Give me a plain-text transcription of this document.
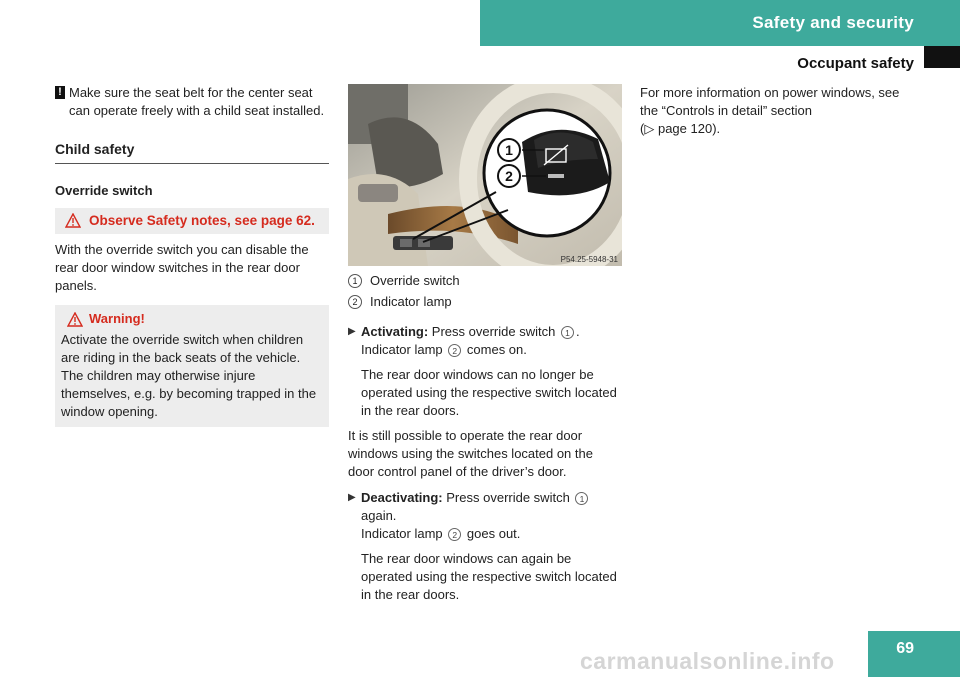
Safety and security
Occupant safety
! Make sure the seat belt for the center seat can operate freely with a child seat installed.
Child safety
Override switch
Observe Safety notes, see page 62.

With the override switch you can disable the rear door window switches in the rear door panels.

Warning!

Activate the override switch when children are riding in the back seats of the vehicle. The children may otherwise injure themselves, e.g. by becoming trapped in the window opening.

1
2
P54.25-5948-31
1 Override switch
2 Indicator lamp
▶ Activating: Press override switch 1 .
Indicator lamp 2 comes on.

The rear door windows can no longer be operated using the respective switch located in the rear doors.

It is still possible to operate the rear door windows using the switches located on the door control panel of the driver’s door.

▶ Deactivating: Press override switch 1
again.
Indicator lamp 2 goes out.

The rear door windows can again be operated using the respective switch located in the rear doors.

For more information on power windows, see the “Controls in detail” section
(▷ page 120).

69
carmanualsonline.info
